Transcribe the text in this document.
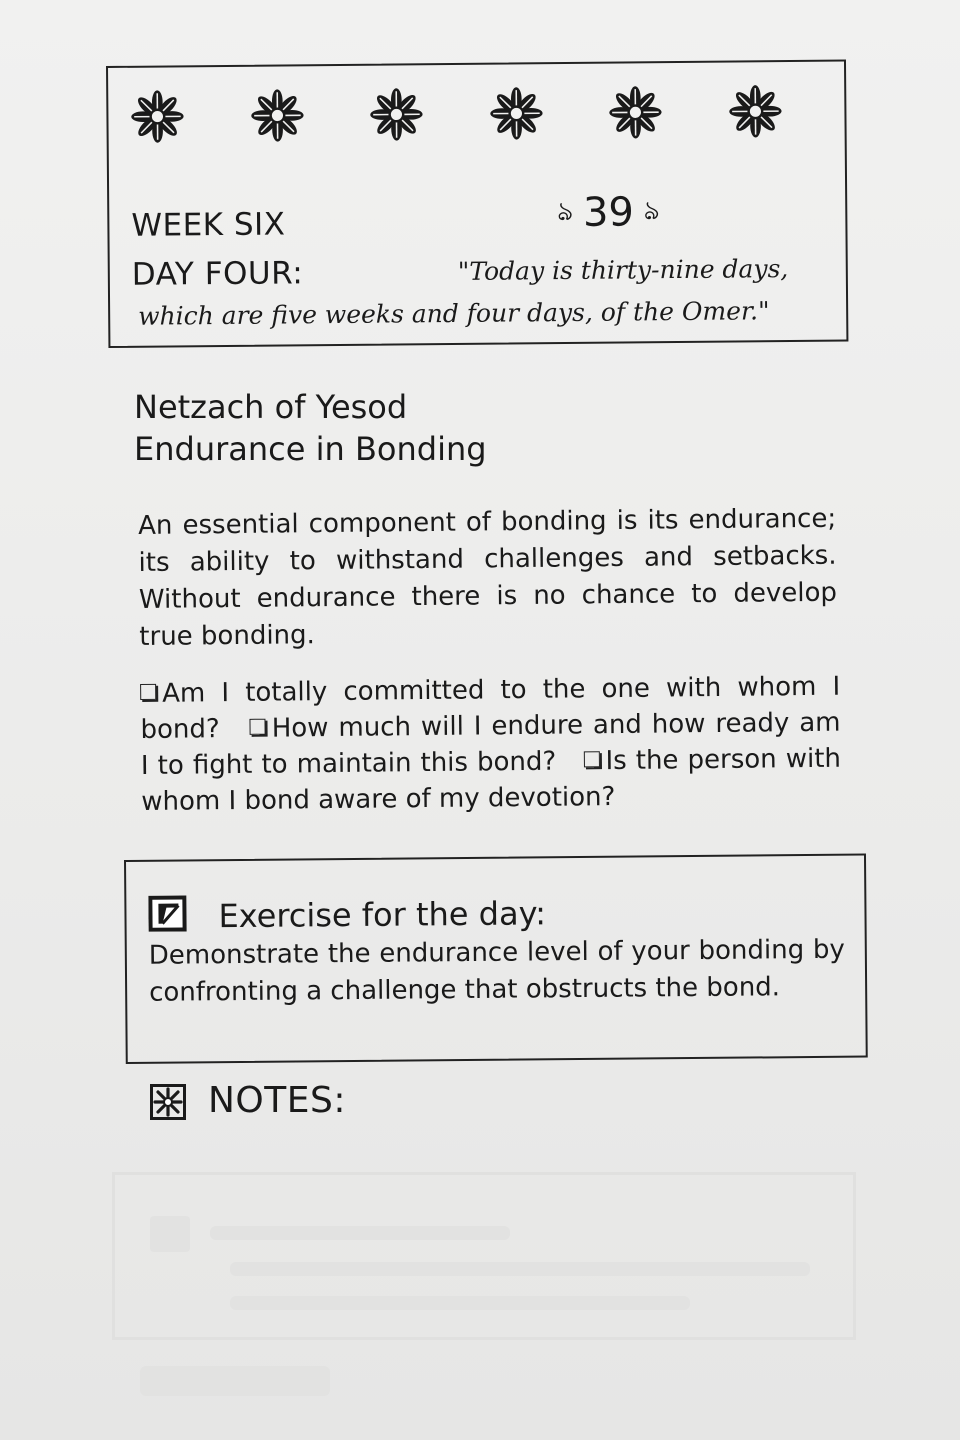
WEEK SIX
DAY FOUR:
ঌ 39 ঌ
"Today is thirty-nine days,
which are five weeks and four days, of the Omer."
Netzach of Yesod
Endurance in Bonding
An essential component of bonding is its endurance; its ability to withstand challenges and setbacks. Without endurance there is no chance to develop true bonding.
Am I totally committed to the one with whom I bond? How much will I endure and how ready am I to fight to maintain this bond? Is the person with whom I bond aware of my devotion?
Exercise for the day:
Demonstrate the endurance level of your bonding by confronting a challenge that obstructs the bond.
NOTES:
